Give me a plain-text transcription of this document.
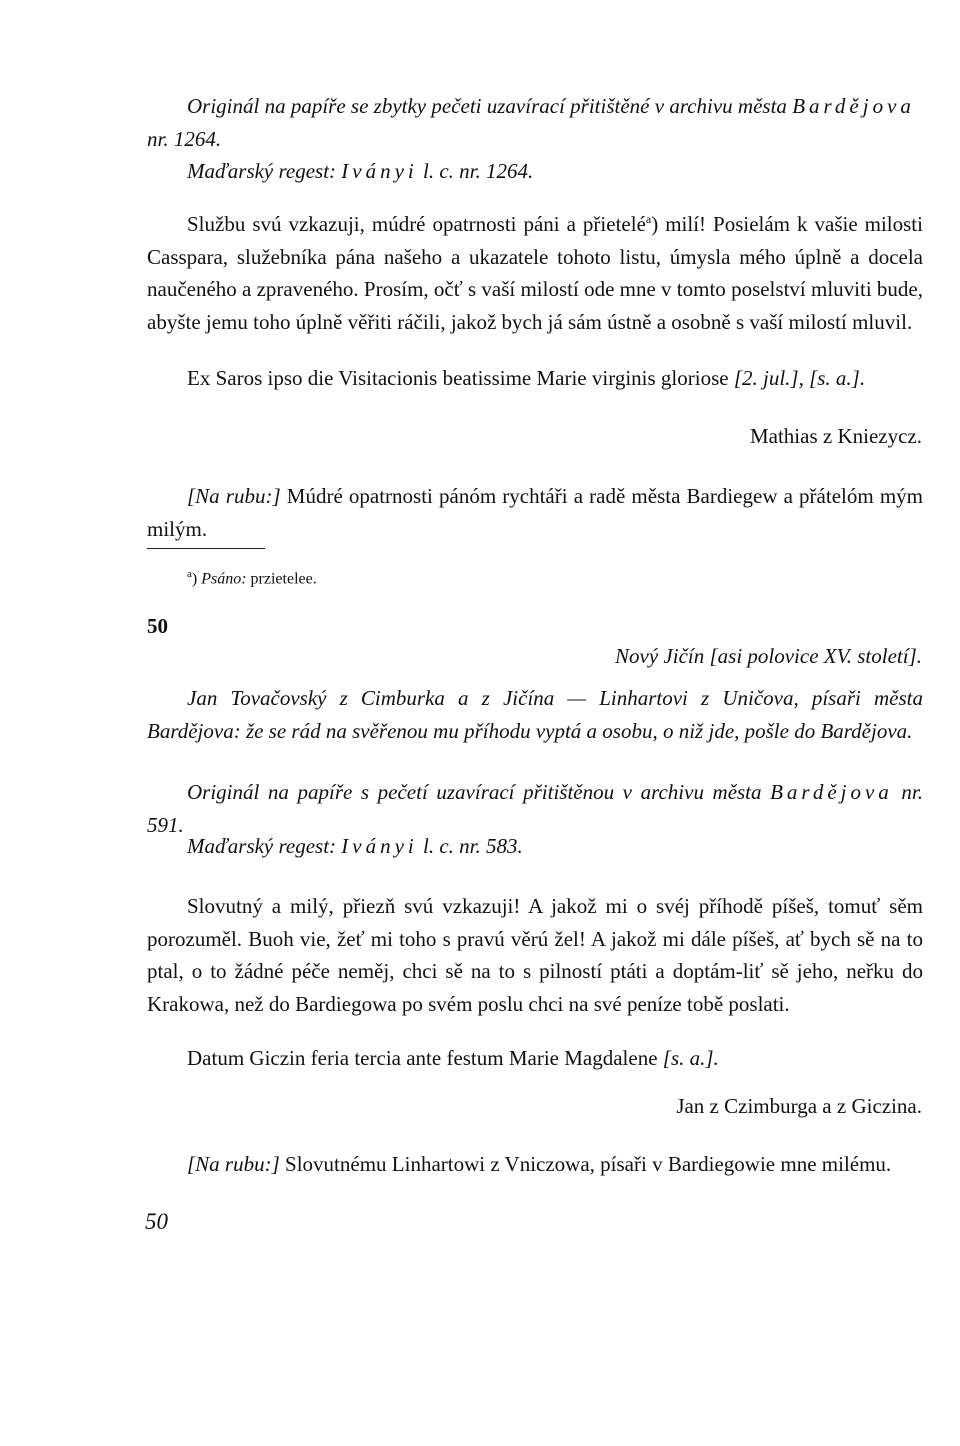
Originál na papíře se zbytky pečeti uzavírací přitištěné v archivu města Bardějova nr. 1264.

Maďarský regest: Iványi l. c. nr. 1264.

Službu svú vzkazuji, múdré opatrnosti páni a přietelé$^a$) milí! Posielám k vašie milosti Casspara, služebníka pána našeho a ukazatele tohoto listu, úmysla mého úplně a docela naučeného a zpraveného. Prosím, očť s vaší milostí ode mne v tomto poselství mluviti bude, abyšte jemu toho úplně věřiti ráčili, jakož bych já sám ústně a osobně s vaší milostí mluvil.

Ex Saros ipso die Visitacionis beatissime Marie virginis gloriose [2. jul.], [s. a.].

Mathias z Kniezycz.

[Na rubu:] Múdré opatrnosti pánóm rychtáři a radě města Bardiegew a přátelóm mým milým.

$^a$) Psáno: przietelee.

50

Nový Jičín [asi polovice XV. století].

Jan Tovačovský z Cimburka a z Jičína — Linhartovi z Uničova, písaři města Bardějova: že se rád na svěřenou mu příhodu vyptá a osobu, o niž jde, pošle do Bardějova.

Originál na papíře s pečetí uzavírací přitištěnou v archivu města Bardějova nr. 591.

Maďarský regest: Iványi l. c. nr. 583.

Slovutný a milý, přiezň svú vzkazuji! A jakož mi o svéj příhodě píšeš, tomuť sěm porozuměl. Buoh vie, žeť mi toho s pravú věrú žel! A jakož mi dále píšeš, ať bych sě na to ptal, o to žádné péče neměj, chci sě na to s pilností ptáti a doptám-liť sě jeho, neřku do Krakowa, než do Bardiegowa po svém poslu chci na své peníze tobě poslati.

Datum Giczin feria tercia ante festum Marie Magdalene [s. a.].

Jan z Czimburga a z Giczina.

[Na rubu:] Slovutnému Linhartowi z Vniczowa, písaři v Bardiegowie mne milému.

50
